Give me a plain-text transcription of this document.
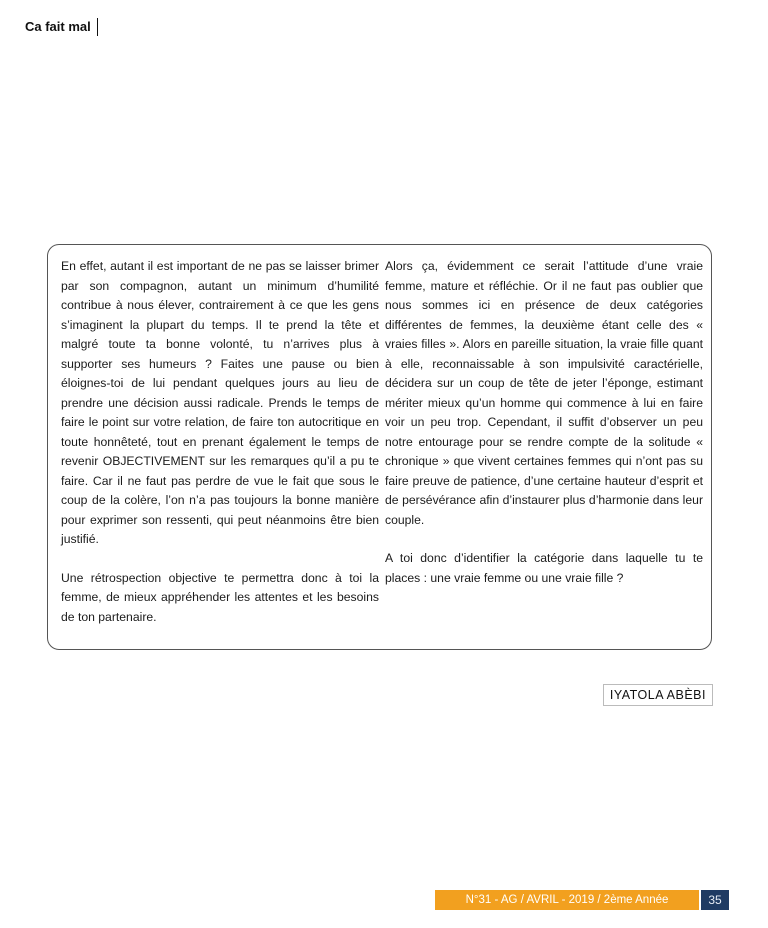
Ca fait mal

En effet, autant il est important de ne pas se laisser brimer par son compagnon, autant un minimum d’humilité contribue à nous élever, contrairement à ce que les gens s’imaginent la plupart du temps. Il te prend la tête et malgré toute ta bonne volonté, tu n’arrives plus à supporter ses humeurs ? Faites une pause ou bien éloignes-toi de lui pendant quelques jours au lieu de prendre une décision aussi radicale. Prends le temps de faire le point sur votre relation, de faire ton autocritique en toute honnêteté, tout en prenant également le temps de revenir OBJECTIVEMENT sur les remarques qu’il a pu te faire. Car il ne faut pas perdre de vue le fait que sous le coup de la colère, l’on n’a pas toujours la bonne manière pour exprimer son ressenti, qui peut néanmoins être bien justifié.

Une rétrospection objective te permettra donc à toi la femme, de mieux appréhender les attentes et les besoins de ton partenaire.

Alors ça, évidemment ce serait l’attitude d’une vraie femme, mature et réfléchie. Or il ne faut pas oublier que nous sommes ici en présence de deux catégories différentes de femmes, la deuxième étant celle des « vraies filles ». Alors en pareille situation, la vraie fille quant à elle, reconnaissable à son impulsivité caractérielle, décidera sur un coup de tête de jeter l’éponge, estimant mériter mieux qu’un homme qui commence à lui en faire voir un peu trop. Cependant, il suffit d’observer un peu notre entourage pour se rendre compte de la solitude « chronique » que vivent certaines femmes qui n’ont pas su faire preuve de patience, d’une certaine hauteur d’esprit et de persévérance afin d’instaurer plus d’harmonie dans leur couple.

A toi donc d’identifier la catégorie dans laquelle tu te places : une vraie femme ou une vraie fille ?

IYATOLA ABÈBI
N°31 - AG / AVRIL - 2019 / 2ème Année	35
